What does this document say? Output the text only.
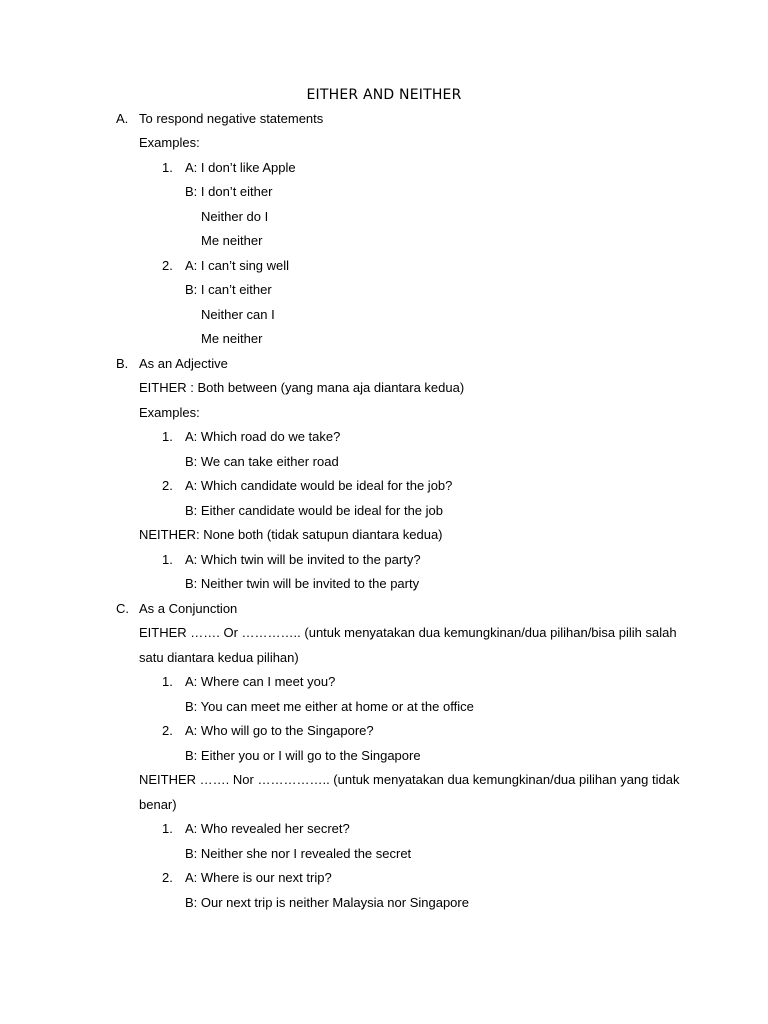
EITHER AND NEITHER
A. To respond negative statements
Examples:
1. A: I don’t like Apple
B: I don’t either
Neither do I
Me neither
2. A: I can’t sing well
B: I can’t either
Neither can I
Me neither
B. As an Adjective
EITHER : Both between (yang mana aja diantara kedua)
Examples:
1. A: Which road do we take?
B: We can take either road
2. A: Which candidate would be ideal for the job?
B: Either candidate would be ideal for the job
NEITHER: None both (tidak satupun diantara kedua)
1. A: Which twin will be invited to the party?
B: Neither twin will be invited to the party
C. As a Conjunction
EITHER ……. Or ………….. (untuk menyatakan dua kemungkinan/dua pilihan/bisa pilih salah
satu diantara kedua pilihan)
1. A: Where can I meet you?
B: You can meet me either at home or at the office
2. A: Who will go to the Singapore?
B: Either you or I will go to the Singapore
NEITHER ……. Nor …………….. (untuk menyatakan dua kemungkinan/dua pilihan yang tidak
benar)
1. A: Who revealed her secret?
B: Neither she nor I revealed the secret
2. A: Where is our next trip?
B: Our next trip is neither Malaysia nor Singapore
